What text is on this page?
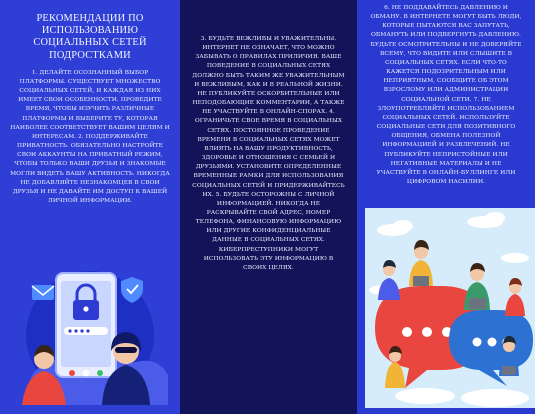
РЕКОМЕНДАЦИИ ПО ИСПОЛЬЗОВАНИЮ СОЦИАЛЬНЫХ СЕТЕЙ ПОДРОСТКАМИ
1. ДЕЛАЙТЕ ОСОЗНАННЫЙ ВЫБОР ПЛАТФОРМЫ. СУЩЕСТВУЕТ МНОЖЕСТВО СОЦИАЛЬНЫХ СЕТЕЙ, И КАЖДАЯ ИЗ НИХ ИМЕЕТ СВОИ ОСОБЕННОСТИ. ПРОВЕДИТЕ ВРЕМЯ, ЧТОБЫ ИЗУЧИТЬ РАЗЛИЧНЫЕ ПЛАТФОРМЫ И ВЫБЕРИТЕ ТУ, КОТОРАЯ НАИБОЛЕЕ СООТВЕТСТВУЕТ ВАШИМ ЦЕЛЯМ И ИНТЕРЕСАМ. 2. ПОДДЕРЖИВАЙТЕ ПРИВАТНОСТЬ. ОБЯЗАТЕЛЬНО НАСТРОЙТЕ СВОИ АККАУНТЫ НА ПРИВАТНЫЙ РЕЖИМ, ЧТОБЫ ТОЛЬКО ВАШИ ДРУЗЬЯ И ЗНАКОМЫЕ МОГЛИ ВИДЕТЬ ВАШУ АКТИВНОСТЬ. НИКОГДА НЕ ДОБАВЛЯЙТЕ НЕЗНАКОМЦЕВ В СВОИ ДРУЗЬЯ И НЕ ДАВАЙТЕ ИМ ДОСТУП К ВАШЕЙ ЛИЧНОЙ ИНФОРМАЦИИ.
3. БУДЬТЕ ВЕЖЛИВЫ И УВАЖИТЕЛЬНЫ. ИНТЕРНЕТ НЕ ОЗНАЧАЕТ, ЧТО МОЖНО ЗАБЫВАТЬ О ПРАВИЛАХ ПРИЛИЧИЯ. ВАШЕ ПОВЕДЕНИЕ В СОЦИАЛЬНЫХ СЕТЯХ ДОЛЖНО БЫТЬ ТАКИМ ЖЕ УВАЖИТЕЛЬНЫМ И ВЕЖЛИВЫМ, КАК И В РЕАЛЬНОЙ ЖИЗНИ. НЕ ПУБЛИКУЙТЕ ОСКОРБИТЕЛЬНЫЕ ИЛИ НЕПОДОБАЮЩИЕ КОММЕНТАРИИ, А ТАКЖЕ НЕ УЧАСТВУЙТЕ В ОНЛАЙН-СПОРАХ. 4. ОГРАНИЧЬТЕ СВОЕ ВРЕМЯ В СОЦИАЛЬНЫХ СЕТЯХ. ПОСТОЯННОЕ ПРОВЕДЕНИЕ ВРЕМЕНИ В СОЦИАЛЬНЫХ СЕТЯХ МОЖЕТ ВЛИЯТЬ НА ВАШУ ПРОДУКТИВНОСТЬ, ЗДОРОВЬЕ И ОТНОШЕНИЯ С СЕМЬЕЙ И ДРУЗЬЯМИ. УСТАНОВИТЕ ОПРЕДЕЛЕННЫЕ ВРЕМЕННЫЕ РАМКИ ДЛЯ ИСПОЛЬЗОВАНИЯ СОЦИАЛЬНЫХ СЕТЕЙ И ПРИДЕРЖИВАЙТЕСЬ ИХ. 5. БУДЬТЕ ОСТОРОЖНЫ С ЛИЧНОЙ ИНФОРМАЦИЕЙ. НИКОГДА НЕ РАСКРЫВАЙТЕ СВОЙ АДРЕС, НОМЕР ТЕЛЕФОНА, ФИНАНСОВУЮ ИНФОРМАЦИЮ ИЛИ ДРУГИЕ КОНФИДЕНЦИАЛЬНЫЕ ДАННЫЕ В СОЦИАЛЬНЫХ СЕТЯХ. КИБЕРПРЕСТУПНИКИ МОГУТ ИСПОЛЬЗОВАТЬ ЭТУ ИНФОРМАЦИЮ В СВОИХ ЦЕЛЯХ.
6. НЕ ПОДДАВАЙТЕСЬ ДАВЛЕНИЮ И ОБМАНУ. В ИНТЕРНЕТЕ МОГУТ БЫТЬ ЛЮДИ, КОТОРЫЕ ПЫТАЮТСЯ ВАС ЗАПУТАТЬ, ОБМАНУТЬ ИЛИ ПОДВЕРГНУТЬ ДАВЛЕНИЮ. БУДЬТЕ ОСМОТРИТЕЛЬНЫ И НЕ ДОВЕРЯЙТЕ ВСЕМУ, ЧТО ВИДИТЕ ИЛИ СЛЫШИТЕ В СОЦИАЛЬНЫХ СЕТЯХ. ЕСЛИ ЧТО-ТО КАЖЕТСЯ ПОДОЗРИТЕЛЬНЫМ ИЛИ НЕПРИЯТНЫМ, СООБЩИТЕ ОБ ЭТОМ ВЗРОСЛОМУ ИЛИ АДМИНИСТРАЦИИ СОЦИАЛЬНОЙ СЕТИ. 7. НЕ ЗЛОУПОТРЕБЛЯЙТЕ ИСПОЛЬЗОВАНИЕМ СОЦИАЛЬНЫХ СЕТЕЙ. ИСПОЛЬЗУЙТЕ СОЦИАЛЬНЫЕ СЕТИ ДЛЯ ПОЗИТИВНОГО ОБЩЕНИЯ, ОБМЕНА ПОЛЕЗНОЙ ИНФОРМАЦИЕЙ И РАЗВЛЕЧЕНИЙ. НЕ ПУБЛИКУЙТЕ НЕПРИСТОЙНЫЕ ИЛИ НЕГАТИВНЫЕ МАТЕРИАЛЫ И НЕ УЧАСТВУЙТЕ В ОНЛАЙН-БУЛЛИНГЕ ИЛИ ЦИФРОВОМ НАСИЛИИ.
